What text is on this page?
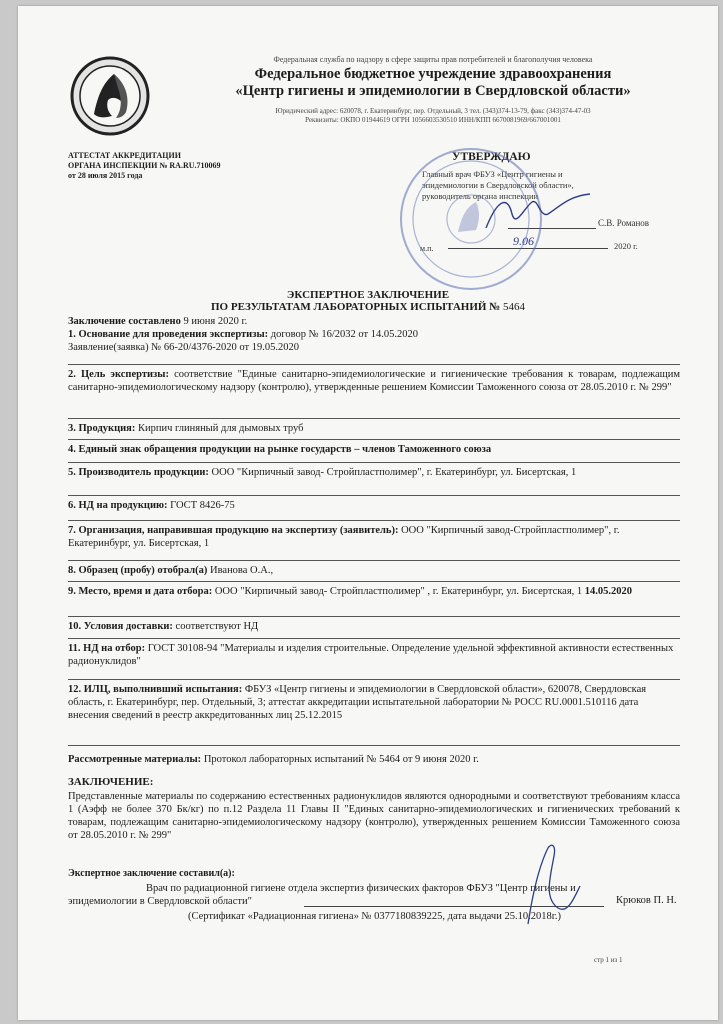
Федеральная служба по надзору в сфере защиты прав потребителей и благополучия человека
Федеральное бюджетное учреждение здравоохранения
«Центр гигиены и эпидемиологии в Свердловской области»
Юридический адрес: 620078, г. Екатеринбург, пер. Отдельный, 3 тел. (343)374-13-79, факс (343)374-47-03
Реквизиты: ОКПО 01944619 ОГРН 1056603530510 ИНН/КПП 6670081969/667001001
АТТЕСТАТ АККРЕДИТАЦИИ
ОРГАНА ИНСПЕКЦИИ № RA.RU.710069
от 28 июля 2015 года
УТВЕРЖДАЮ
Главный врач ФБУЗ «Центр гигиены и
эпидемиологии в Свердловской области»,
руководитель органа инспекции
С.В. Романов
м.п.
9.06	2020 г.
ЭКСПЕРТНОЕ ЗАКЛЮЧЕНИЕ
ПО РЕЗУЛЬТАТАМ ЛАБОРАТОРНЫХ ИСПЫТАНИЙ № 5464
Заключение составлено 9 июня 2020 г.
1. Основание для проведения экспертизы: договор № 16/2032 от 14.05.2020
Заявление(заявка) № 66-20/4376-2020 от 19.05.2020
2. Цель экспертизы: соответствие "Единые санитарно-эпидемиологические и гигиенические требования к товарам, подлежащим санитарно-эпидемиологическому надзору (контролю), утвержденные решением Комиссии Таможенного союза от 28.05.2010 г. № 299"
3. Продукция: Кирпич глиняный для дымовых труб
4. Единый знак обращения продукции на рынке государств – членов Таможенного союза
5. Производитель продукции: ООО "Кирпичный завод- Стройпластполимер", г. Екатеринбург, ул. Бисертская, 1
6. НД на продукцию: ГОСТ 8426-75
7. Организация, направившая продукцию на экспертизу (заявитель): ООО "Кирпичный завод-Стройпластполимер", г. Екатеринбург, ул. Бисертская, 1
8. Образец (пробу) отобрал(а) Иванова О.А.,
9. Место, время и дата отбора: ООО "Кирпичный завод- Стройпластполимер" , г. Екатеринбург, ул. Бисертская, 1 14.05.2020
10. Условия доставки: соответствуют НД
11. НД на отбор: ГОСТ 30108-94 "Материалы и изделия строительные. Определение удельной эффективной активности естественных радионуклидов"
12. ИЛЦ, выполнивший испытания: ФБУЗ «Центр гигиены и эпидемиологии в Свердловской области», 620078, Свердловская область, г. Екатеринбург, пер. Отдельный, 3; аттестат аккредитации испытательной лаборатории № РОСС RU.0001.510116 дата внесения сведений в реестр аккредитованных лиц 25.12.2015
Рассмотренные материалы: Протокол лабораторных испытаний № 5464 от 9 июня 2020 г.
ЗАКЛЮЧЕНИЕ:
Представленные материалы по содержанию естественных радионуклидов являются однородными и соответствуют требованиям класса 1 (Аэфф не более 370 Бк/кг) по п.12 Раздела 11 Главы II "Единых санитарно-эпидемиологических и гигиенических требований к товарам, подлежащим санитарно-эпидемиологическому надзору (контролю), утвержденных решением Комиссии Таможенного союза от 28.05.2010 г. № 299"
Экспертное заключение составил(а):
Врач по радиационной гигиене отдела экспертиз физических факторов ФБУЗ "Центр гигиены и
эпидемиологии в Свердловской области"	Крюков П. Н.
(Сертификат «Радиационная гигиена» № 0377180839225, дата выдачи 25.10.2018г.)
стр 1 из 1
